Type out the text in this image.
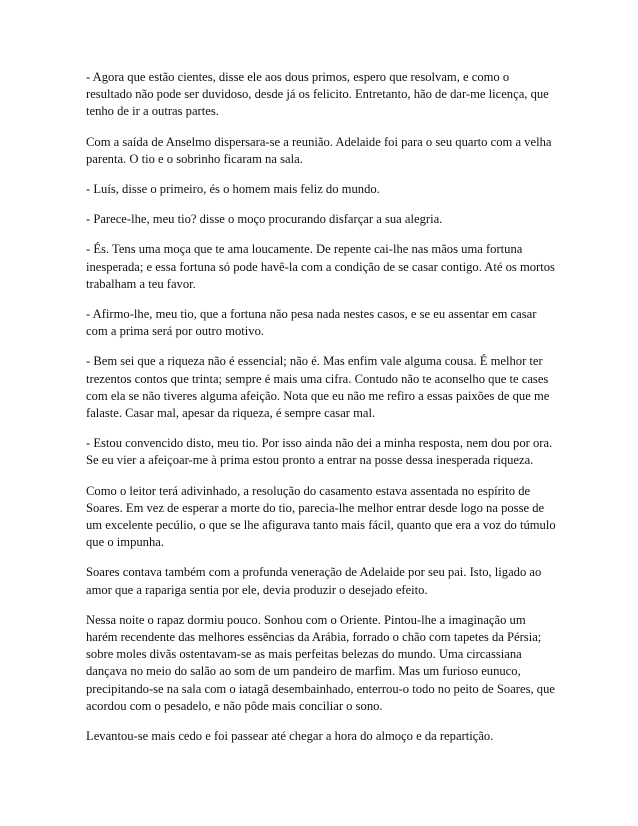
- Agora que estão cientes, disse ele aos dous primos, espero que resolvam, e como o resultado não pode ser duvidoso, desde já os felicito. Entretanto, hão de dar-me licença, que tenho de ir a outras partes.

Com a saída de Anselmo dispersara-se a reunião. Adelaide foi para o seu quarto com a velha parenta. O tio e o sobrinho ficaram na sala.

- Luís, disse o primeiro, és o homem mais feliz do mundo.

- Parece-lhe, meu tio? disse o moço procurando disfarçar a sua alegria.

- És. Tens uma moça que te ama loucamente. De repente cai-lhe nas mãos uma fortuna inesperada; e essa fortuna só pode havê-la com a condição de se casar contigo. Até os mortos trabalham a teu favor.

- Afirmo-lhe, meu tio, que a fortuna não pesa nada nestes casos, e se eu assentar em casar com a prima será por outro motivo.

- Bem sei que a riqueza não é essencial; não é. Mas enfim vale alguma cousa. É melhor ter trezentos contos que trinta; sempre é mais uma cifra. Contudo não te aconselho que te cases com ela se não tiveres alguma afeição. Nota que eu não me refiro a essas paixões de que me falaste. Casar mal, apesar da riqueza, é sempre casar mal.

- Estou convencido disto, meu tio. Por isso ainda não dei a minha resposta, nem dou por ora. Se eu vier a afeiçoar-me à prima estou pronto a entrar na posse dessa inesperada riqueza.

Como o leitor terá adivinhado, a resolução do casamento estava assentada no espírito de Soares. Em vez de esperar a morte do tio, parecia-lhe melhor entrar desde logo na posse de um excelente pecúlio, o que se lhe afigurava tanto mais fácil, quanto que era a voz do túmulo que o impunha.

Soares contava também com a profunda veneração de Adelaide por seu pai. Isto, ligado ao amor que a rapariga sentia por ele, devia produzir o desejado efeito.

Nessa noite o rapaz dormiu pouco. Sonhou com o Oriente. Pintou-lhe a imaginação um harém recendente das melhores essências da Arábia, forrado o chão com tapetes da Pérsia; sobre moles divãs ostentavam-se as mais perfeitas belezas do mundo. Uma circassiana dançava no meio do salão ao som de um pandeiro de marfim. Mas um furioso eunuco, precipitando-se na sala com o iatagã desembainhado, enterrou-o todo no peito de Soares, que acordou com o pesadelo, e não pôde mais conciliar o sono.

Levantou-se mais cedo e foi passear até chegar a hora do almoço e da repartição.
